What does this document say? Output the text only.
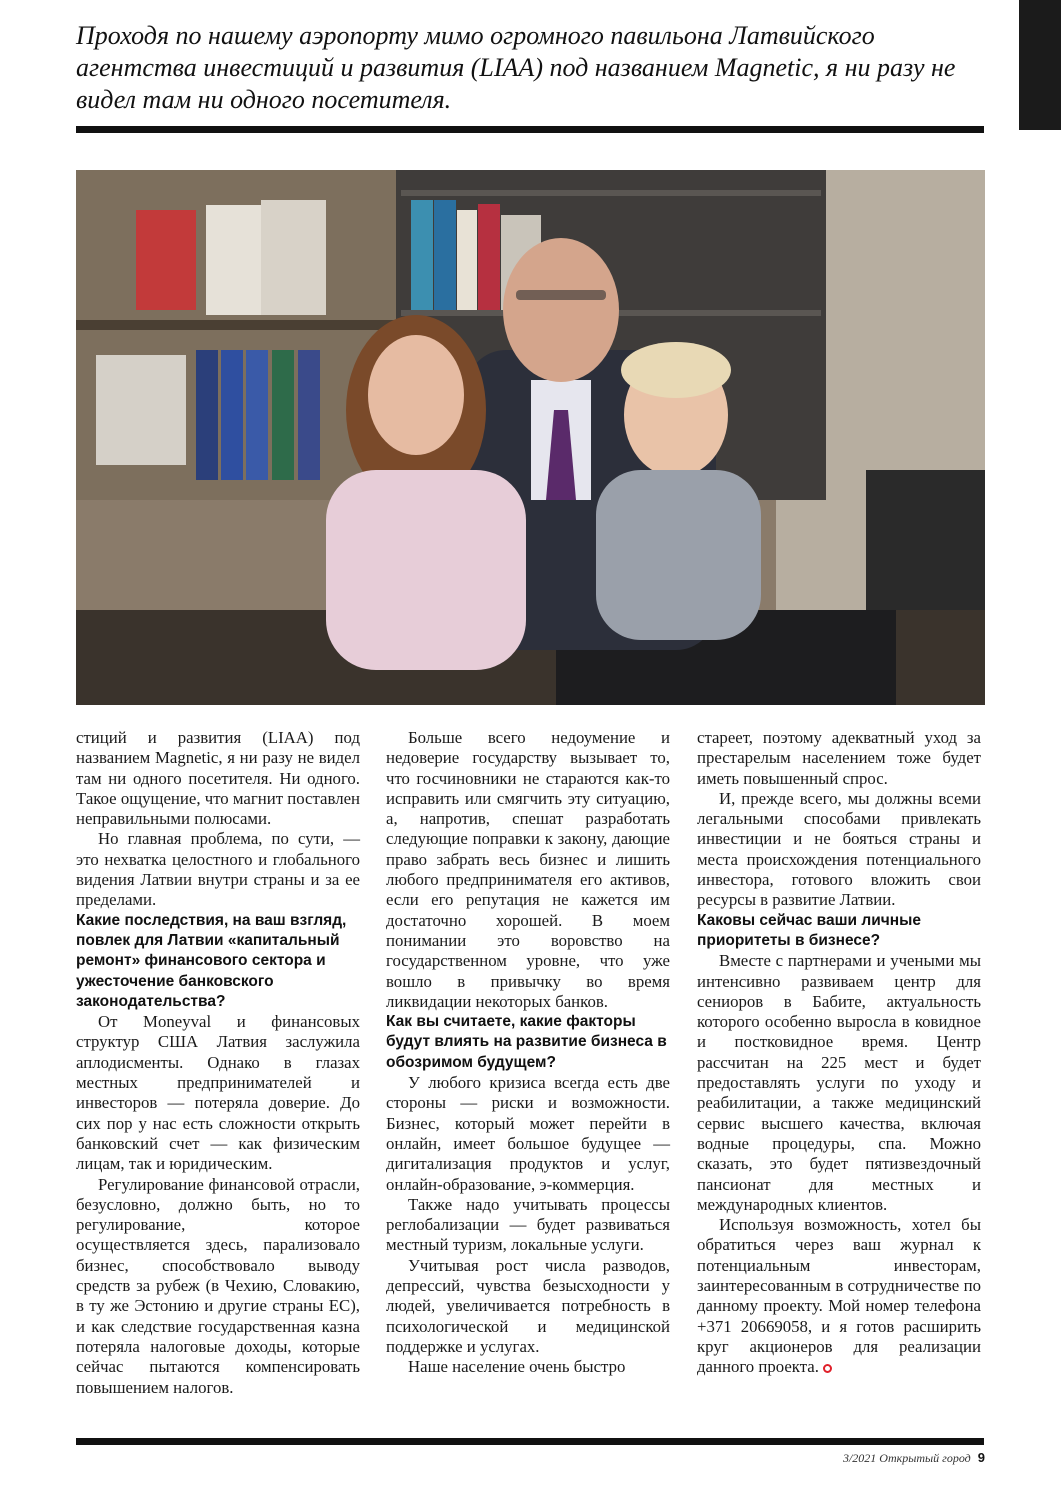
Проходя по нашему аэропорту мимо огромного павильона Латвийского агентства инвестиций и развития (LIAA) под названием Magnetic, я ни разу не видел там ни одного посетителя.

стиций и развития (LIAA) под названием Magnetic, я ни разу не видел там ни одного посетителя. Ни одного. Такое ощущение, что магнит поставлен неправильными полюсами.

Но главная проблема, по сути, — это нехватка целостного и глобального видения Латвии внутри страны и за ее пределами.

Какие последствия, на ваш взгляд, повлек для Латвии «капитальный ремонт» финансового сектора и ужесточение банковского законодательства?

От Moneyval и финансовых структур США Латвия заслужила аплодисменты. Однако в глазах местных предпринимателей и инвесторов — потеряла доверие. До сих пор у нас есть сложности открыть банковский счет — как физическим лицам, так и юридическим.

Регулирование финансовой отрасли, безусловно, должно быть, но то регулирование, которое осуществляется здесь, парализовало бизнес, способствовало выводу средств за рубеж (в Чехию, Словакию, в ту же Эстонию и другие страны ЕС), и как следствие государственная казна потеряла налоговые доходы, которые сейчас пытаются компенсировать повышением налогов.

Больше всего недоумение и недоверие государству вызывает то, что госчиновники не стараются как-то исправить или смягчить эту ситуацию, а, напротив, спешат разработать следующие поправки к закону, дающие право забрать весь бизнес и лишить любого предпринимателя его активов, если его репутация не кажется им достаточно хорошей. В моем понимании это воровство на государственном уровне, что уже вошло в привычку во время ликвидации некоторых банков.

Как вы считаете, какие факторы будут влиять на развитие бизнеса в обозримом будущем?

У любого кризиса всегда есть две стороны — риски и возможности. Бизнес, который может перейти в онлайн, имеет большое будущее — дигитализация продуктов и услуг, онлайн-образование, э-коммерция.

Также надо учитывать процессы реглобализации — будет развиваться местный туризм, локальные услуги.

Учитывая рост числа разводов, депрессий, чувства безысходности у людей, увеличивается потребность в психологической и медицинской поддержке и услугах.

Наше население очень быстро

стареет, поэтому адекватный уход за престарелым населением тоже будет иметь повышенный спрос.

И, прежде всего, мы должны всеми легальными способами привлекать инвестиции и не бояться страны и места происхождения потенциального инвестора, готового вложить свои ресурсы в развитие Латвии.

Каковы сейчас ваши личные приоритеты в бизнесе?

Вместе с партнерами и учеными мы интенсивно развиваем центр для сениоров в Бабите, актуальность которого особенно выросла в ковидное и постковидное время. Центр рассчитан на 225 мест и будет предоставлять услуги по уходу и реабилитации, а также медицинский сервис высшего качества, включая водные процедуры, спа. Можно сказать, это будет пятизвездочный пансионат для местных и международных клиентов.

Используя возможность, хотел бы обратиться через ваш журнал к потенциальным инвесторам, заинтересованным в сотрудничестве по данному проекту. Мой номер телефона +371 20669058, и я готов расширить круг акционеров для реализации данного проекта.

3/2021 Открытый город 9
